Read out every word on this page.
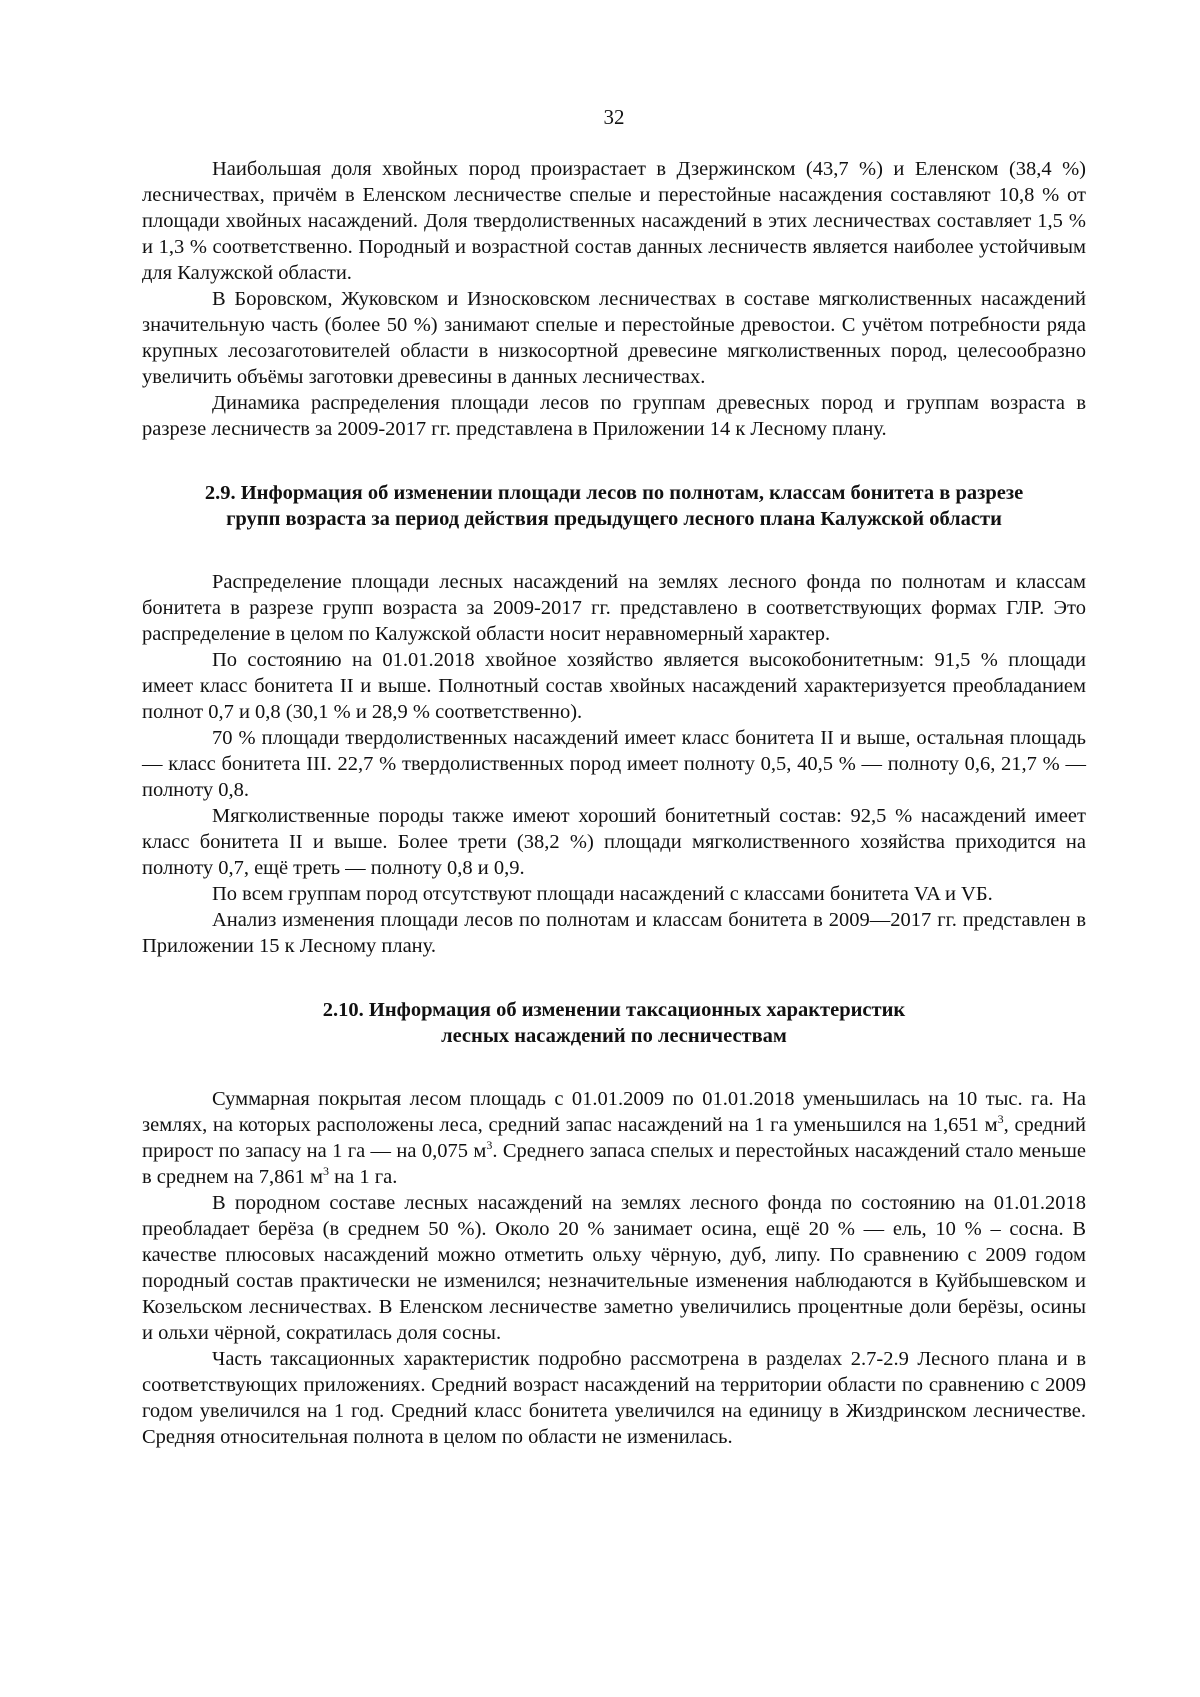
32

Наибольшая доля хвойных пород произрастает в Дзержинском (43,7 %) и Еленском (38,4 %) лесничествах, причём в Еленском лесничестве спелые и перестойные насаждения составляют 10,8 % от площади хвойных насаждений. Доля твердолиственных насаждений в этих лесничествах составляет 1,5 % и 1,3 % соответственно. Породный и возрастной состав данных лесничеств является наиболее устойчивым для Калужской области.

В Боровском, Жуковском и Износковском лесничествах в составе мягколиственных насаждений значительную часть (более 50 %) занимают спелые и перестойные древостои. С учётом потребности ряда крупных лесозаготовителей области в низкосортной древесине мягколиственных пород, целесообразно увеличить объёмы заготовки древесины в данных лесничествах.

Динамика распределения площади лесов по группам древесных пород и группам возраста в разрезе лесничеств за 2009-2017 гг. представлена в Приложении 14 к Лесному плану.

2.9. Информация об изменении площади лесов по полнотам, классам бонитета в разрезе
групп возраста за период действия предыдущего лесного плана Калужской области

Распределение площади лесных насаждений на землях лесного фонда по полнотам и классам бонитета в разрезе групп возраста за 2009-2017 гг. представлено в соответствующих формах ГЛР. Это распределение в целом по Калужской области носит неравномерный характер.

По состоянию на 01.01.2018 хвойное хозяйство является высокобонитетным: 91,5 % площади имеет класс бонитета II и выше. Полнотный состав хвойных насаждений характеризуется преобладанием полнот 0,7 и 0,8 (30,1 % и 28,9 % соответственно).

70 % площади твердолиственных насаждений имеет класс бонитета II и выше, остальная площадь — класс бонитета III. 22,7 % твердолиственных пород имеет полноту 0,5, 40,5 % — полноту 0,6, 21,7 % — полноту 0,8.

Мягколиственные породы также имеют хороший бонитетный состав: 92,5 % насаждений имеет класс бонитета II и выше. Более трети (38,2 %) площади мягколиственного хозяйства приходится на полноту 0,7, ещё треть — полноту 0,8 и 0,9.

По всем группам пород отсутствуют площади насаждений с классами бонитета VA и VБ.

Анализ изменения площади лесов по полнотам и классам бонитета в 2009—2017 гг. представлен в Приложении 15 к Лесному плану.

2.10. Информация об изменении таксационных характеристик
лесных насаждений по лесничествам

Суммарная покрытая лесом площадь с 01.01.2009 по 01.01.2018 уменьшилась на 10 тыс. га. На землях, на которых расположены леса, средний запас насаждений на 1 га уменьшился на 1,651 $м^3$, средний прирост по запасу на 1 га — на 0,075 $м^3$. Среднего запаса спелых и перестойных насаждений стало меньше в среднем на 7,861 $м^3$ на 1 га.

В породном составе лесных насаждений на землях лесного фонда по состоянию на 01.01.2018 преобладает берёза (в среднем 50 %). Около 20 % занимает осина, ещё 20 % — ель, 10 % – сосна. В качестве плюсовых насаждений можно отметить ольху чёрную, дуб, липу. По сравнению с 2009 годом породный состав практически не изменился; незначительные изменения наблюдаются в Куйбышевском и Козельском лесничествах. В Еленском лесничестве заметно увеличились процентные доли берёзы, осины и ольхи чёрной, сократилась доля сосны.

Часть таксационных характеристик подробно рассмотрена в разделах 2.7-2.9 Лесного плана и в соответствующих приложениях. Средний возраст насаждений на территории области по сравнению с 2009 годом увеличился на 1 год. Средний класс бонитета увеличился на единицу в Жиздринском лесничестве. Средняя относительная полнота в целом по области не изменилась.
